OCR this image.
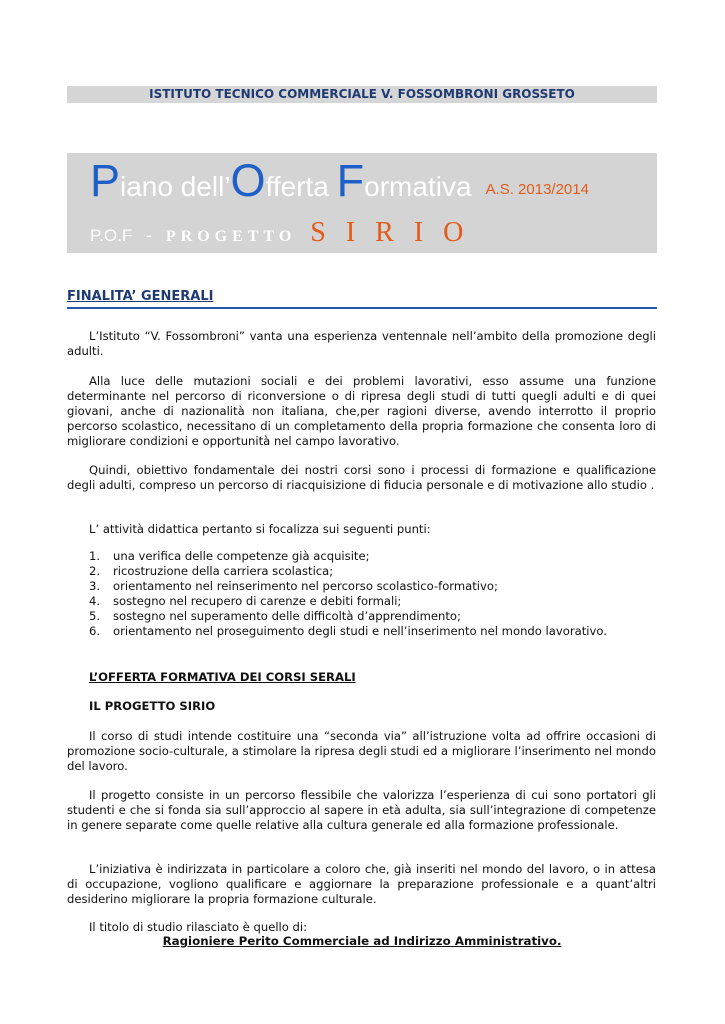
ISTITUTO TECNICO COMMERCIALE V. FOSSOMBRONI GROSSETO
Piano dell’Offerta Formativa A.S. 2013/2014
P.O.F - PROGETTO SIRIO
FINALITA’ GENERALI

L’Istituto “V. Fossombroni” vanta una esperienza ventennale nell’ambito della promozione degli adulti.

Alla luce delle mutazioni sociali e dei problemi lavorativi, esso assume una funzione determinante nel percorso di riconversione o di ripresa degli studi di tutti quegli adulti e di quei giovani, anche di nazionalità non italiana, che,per ragioni diverse, avendo interrotto il proprio percorso scolastico, necessitano di un completamento della propria formazione che consenta loro di migliorare condizioni e opportunità nel campo lavorativo.

Quindi, obiettivo fondamentale dei nostri corsi sono i processi di formazione e qualificazione degli adulti, compreso un percorso di riacquisizione di fiducia personale e di motivazione allo studio .

L’ attività didattica pertanto si focalizza sui seguenti punti:

1. una verifica delle competenze già acquisite;
2. ricostruzione della carriera scolastica;
3. orientamento nel reinserimento nel percorso scolastico-formativo;
4. sostegno nel recupero di carenze e debiti formali;
5. sostegno nel superamento delle difficoltà d’apprendimento;
6. orientamento nel proseguimento degli studi e nell’inserimento nel mondo lavorativo.
L’OFFERTA FORMATIVA DEI CORSI SERALI
IL PROGETTO SIRIO

Il corso di studi intende costituire una “seconda via” all’istruzione volta ad offrire occasioni di promozione socio-culturale, a stimolare la ripresa degli studi ed a migliorare l’inserimento nel mondo del lavoro.

Il progetto consiste in un percorso flessibile che valorizza l’esperienza di cui sono portatori gli studenti e che si fonda sia sull’approccio al sapere in età adulta, sia sull’integrazione di competenze in genere separate come quelle relative alla cultura generale ed alla formazione professionale.

L’iniziativa è indirizzata in particolare a coloro che, già inseriti nel mondo del lavoro, o in attesa di occupazione, vogliono qualificare e aggiornare la preparazione professionale e a quant’altri desiderino migliorare la propria formazione culturale.

Il titolo di studio rilasciato è quello di:

Ragioniere Perito Commerciale ad Indirizzo Amministrativo.
